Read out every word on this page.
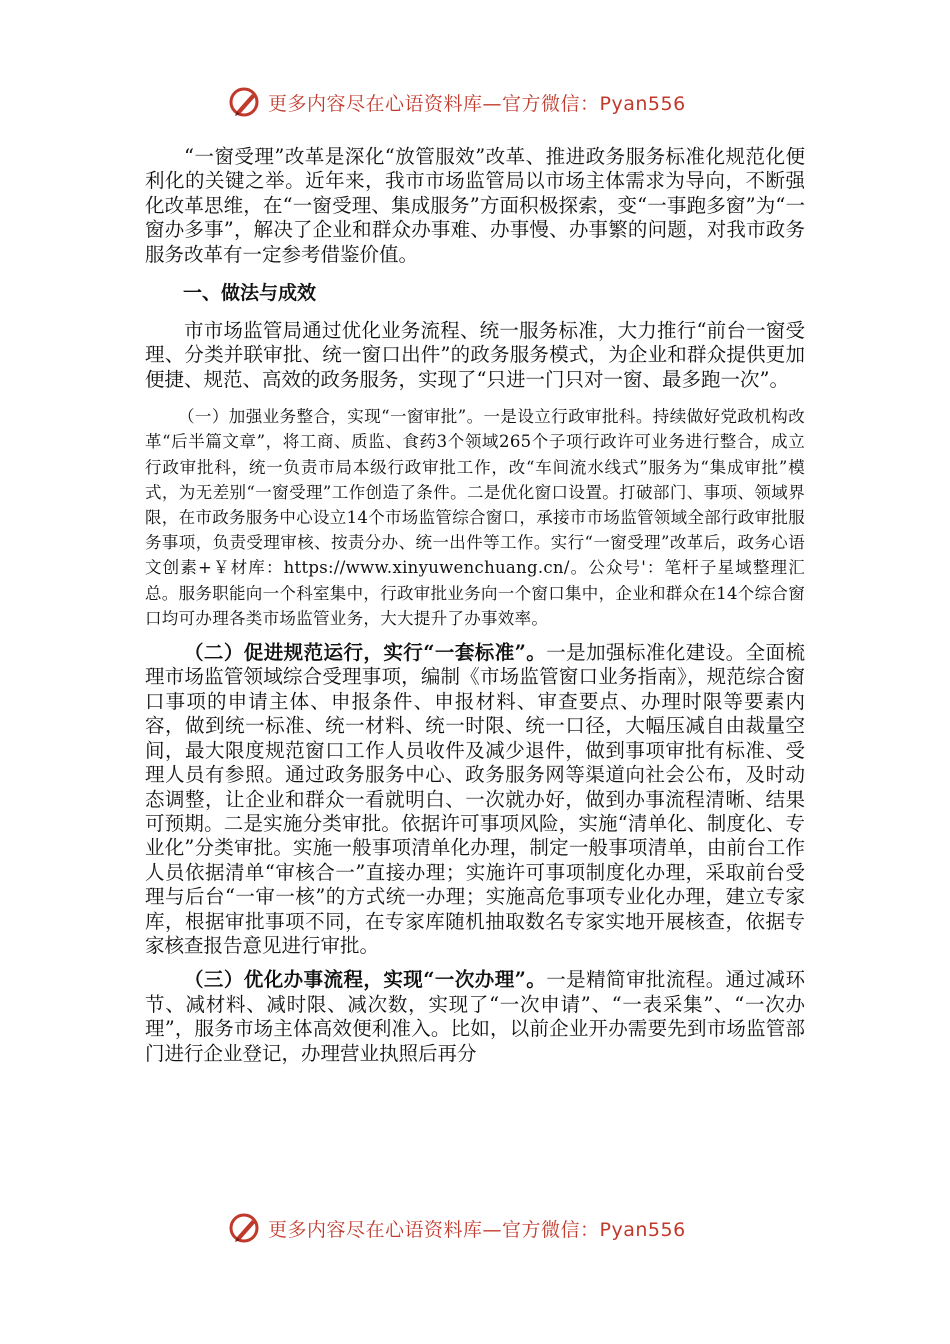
更多内容尽在心语资料库—官方微信：Pyan556

“一窗受理”改革是深化“放管服效”改革、推进政务服务标准化规范化便利化的关键之举。近年来，我市市场监管局以市场主体需求为导向，不断强化改革思维，在“一窗受理、集成服务”方面积极探索，变“一事跑多窗”为“一窗办多事”，解决了企业和群众办事难、办事慢、办事繁的问题，对我市政务服务改革有一定参考借鉴价值。

一、做法与成效

市市场监管局通过优化业务流程、统一服务标准，大力推行“前台一窗受理、分类并联审批、统一窗口出件”的政务服务模式，为企业和群众提供更加便捷、规范、高效的政务服务，实现了“只进一门只对一窗、最多跑一次”。

（一）加强业务整合，实现“一窗审批”。一是设立行政审批科。持续做好党政机构改革“后半篇文章”，将工商、质监、食药3个领域265个子项行政许可业务进行整合，成立行政审批科，统一负责市局本级行政审批工作，改“车间流水线式”服务为“集成审批”模式，为无差别“一窗受理”工作创造了条件。二是优化窗口设置。打破部门、事项、领域界限，在市政务服务中心设立14个市场监管综合窗口，承接市市场监管领域全部行政审批服务事项，负责受理审核、按责分办、统一出件等工作。实行“一窗受理”改革后，政务心语文创素+￥材库：https://www.xinyuwenchuang.cn/。公众号'：笔杆子星域整理汇总。服务职能向一个科室集中，行政审批业务向一个窗口集中，企业和群众在14个综合窗口均可办理各类市场监管业务，大大提升了办事效率。

（二）促进规范运行，实行“一套标准”。一是加强标准化建设。全面梳理市场监管领域综合受理事项，编制《市场监管窗口业务指南》，规范综合窗口事项的申请主体、申报条件、申报材料、审查要点、办理时限等要素内容，做到统一标准、统一材料、统一时限、统一口径，大幅压减自由裁量空间，最大限度规范窗口工作人员收件及减少退件，做到事项审批有标准、受理人员有参照。通过政务服务中心、政务服务网等渠道向社会公布，及时动态调整，让企业和群众一看就明白、一次就办好，做到办事流程清晰、结果可预期。二是实施分类审批。依据许可事项风险，实施“清单化、制度化、专业化”分类审批。实施一般事项清单化办理，制定一般事项清单，由前台工作人员依据清单“审核合一”直接办理；实施许可事项制度化办理，采取前台受理与后台“一审一核”的方式统一办理；实施高危事项专业化办理，建立专家库，根据审批事项不同，在专家库随机抽取数名专家实地开展核查，依据专家核查报告意见进行审批。

（三）优化办事流程，实现“一次办理”。一是精简审批流程。通过减环节、减材料、减时限、减次数，实现了“一次申请”、“一表采集”、“一次办理”，服务市场主体高效便利准入。比如，以前企业开办需要先到市场监管部门进行企业登记，办理营业执照后再分

更多内容尽在心语资料库—官方微信：Pyan556
